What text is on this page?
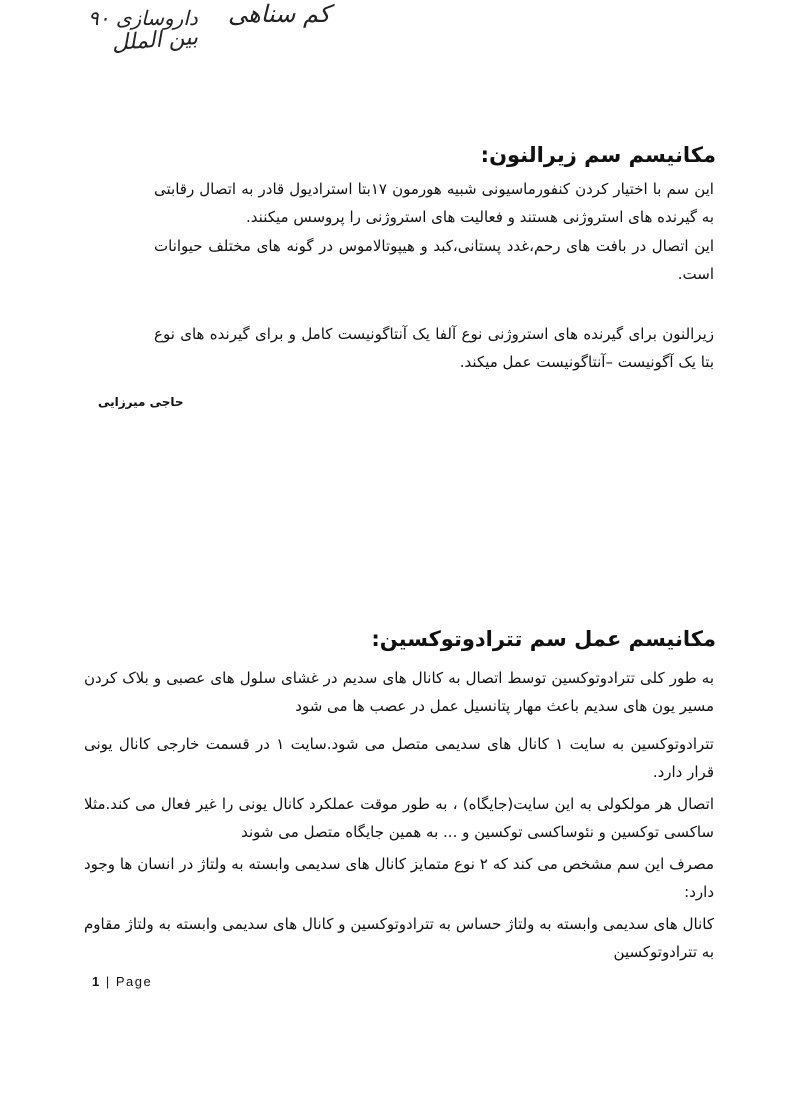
داروسازی ۹۰
بین الملل
کم سناهی
مکانیسم سم زیرالنون:

این سم با اختیار کردن کنفورماسیونی شبیه هورمون ۱۷بتا استرادیول قادر به اتصال رقابتی به گیرنده های استروژنی هستند و فعالیت های استروژنی را پروسس میکنند.

این اتصال در بافت های رحم،غدد پستانی،کبد و هیپوتالاموس در گونه های مختلف حیوانات است.

زیرالنون برای گیرنده های استروژنی نوع آلفا یک آنتاگونیست کامل و برای گیرنده های نوع بتا یک آگونیست –آنتاگونیست عمل میکند.

حاجی میرزایی

مکانیسم عمل سم تترادوتوکسین:

به طور کلی تترادوتوکسین توسط اتصال به کانال های سدیم در غشای سلول های عصبی و بلاک کردن مسیر یون های سدیم باعث مهار پتانسیل عمل در عصب ها می شود

تترادوتوکسین به سایت ۱ کانال های سدیمی متصل می شود.سایت ۱ در قسمت خارجی کانال یونی قرار دارد.

اتصال هر مولکولی به این سایت(جایگاه) ، به طور موقت عملکرد کانال یونی را غیر فعال می کند.مثلا ساکسی توکسین و نئوساکسی توکسین و ... به همین جایگاه متصل می شوند

مصرف این سم مشخص می کند که ۲ نوع متمایز کانال های سدیمی وابسته به ولتاژ در انسان ها وجود دارد:

کانال های سدیمی وابسته به ولتاژ حساس به تترادوتوکسین و کانال های سدیمی وابسته به ولتاژ مقاوم به تترادوتوکسین

1 | Page
